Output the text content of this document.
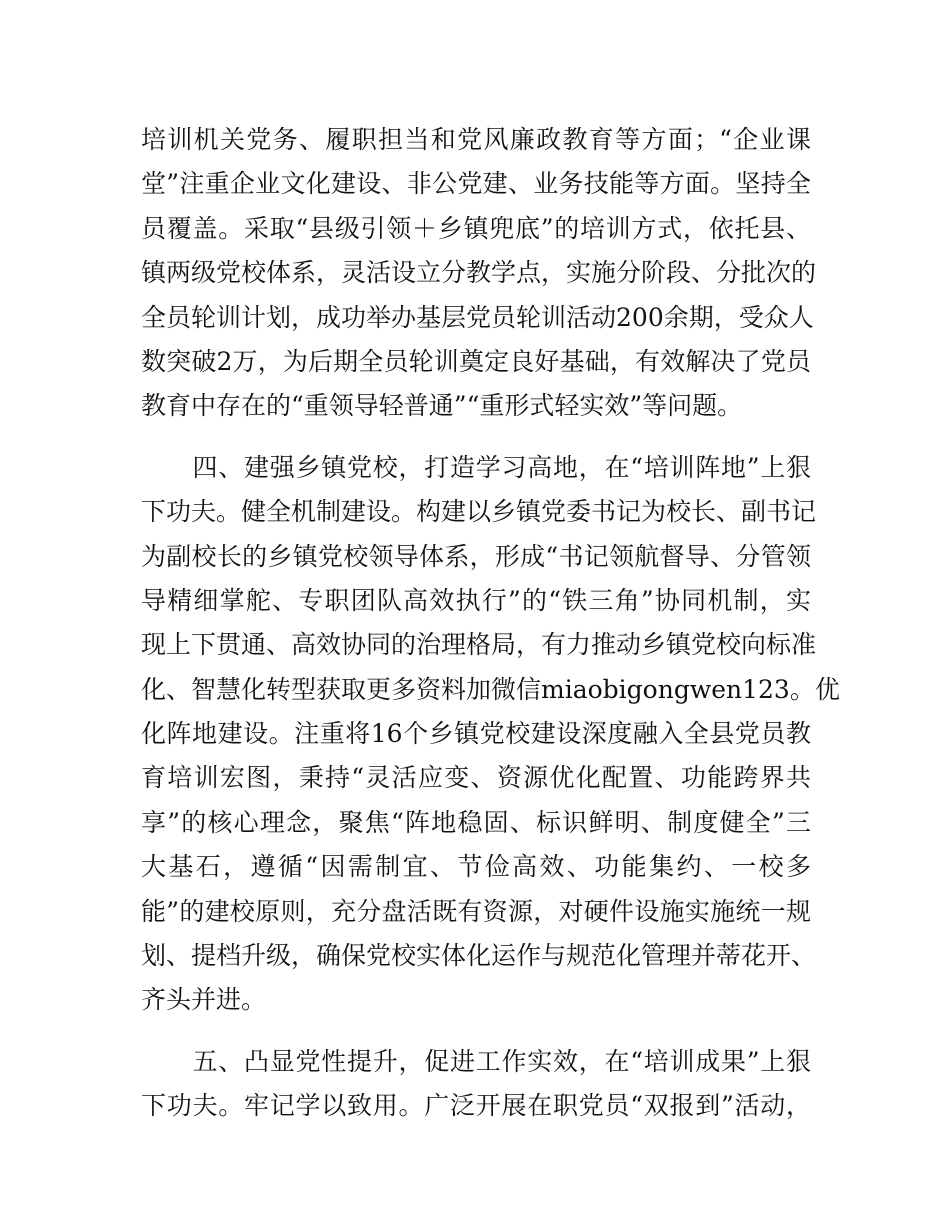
培训机关党务、履职担当和党风廉政教育等方面；“企业课
堂”注重企业文化建设、非公党建、业务技能等方面。坚持全
员覆盖。采取“县级引领＋乡镇兜底”的培训方式，依托县、
镇两级党校体系，灵活设立分教学点，实施分阶段、分批次的
全员轮训计划，成功举办基层党员轮训活动200余期，受众人
数突破2万，为后期全员轮训奠定良好基础，有效解决了党员
教育中存在的“重领导轻普通”“重形式轻实效”等问题。
　　四、建强乡镇党校，打造学习高地，在“培训阵地”上狠
下功夫。健全机制建设。构建以乡镇党委书记为校长、副书记
为副校长的乡镇党校领导体系，形成“书记领航督导、分管领
导精细掌舵、专职团队高效执行”的“铁三角”协同机制，实
现上下贯通、高效协同的治理格局，有力推动乡镇党校向标准
化、智慧化转型获取更多资料加微信miaobigongwen123。优
化阵地建设。注重将16个乡镇党校建设深度融入全县党员教
育培训宏图，秉持“灵活应变、资源优化配置、功能跨界共
享”的核心理念，聚焦“阵地稳固、标识鲜明、制度健全”三
大基石，遵循“因需制宜、节俭高效、功能集约、一校多
能”的建校原则，充分盘活既有资源，对硬件设施实施统一规
划、提档升级，确保党校实体化运作与规范化管理并蒂花开、
齐头并进。
　　五、凸显党性提升，促进工作实效，在“培训成果”上狠
下功夫。牢记学以致用。广泛开展在职党员“双报到”活动，
